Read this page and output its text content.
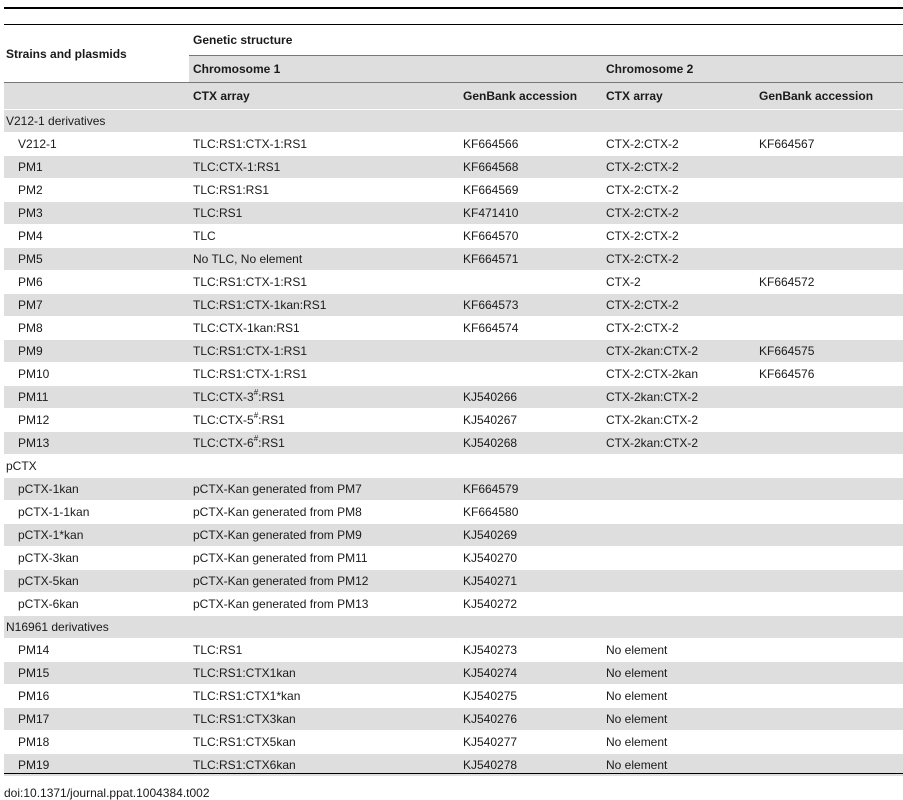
Strains and plasmids	Genetic structure			
	Chromosome 1		Chromosome 2	
	CTX array	GenBank accession	CTX array	GenBank accession
V212-1 derivatives				
V212-1	TLC:RS1:CTX-1:RS1	KF664566	CTX-2:CTX-2	KF664567
PM1	TLC:CTX-1:RS1	KF664568	CTX-2:CTX-2	
PM2	TLC:RS1:RS1	KF664569	CTX-2:CTX-2	
PM3	TLC:RS1	KF471410	CTX-2:CTX-2	
PM4	TLC	KF664570	CTX-2:CTX-2	
PM5	No TLC, No element	KF664571	CTX-2:CTX-2	
PM6	TLC:RS1:CTX-1:RS1		CTX-2	KF664572
PM7	TLC:RS1:CTX-1kan:RS1	KF664573	CTX-2:CTX-2	
PM8	TLC:CTX-1kan:RS1	KF664574	CTX-2:CTX-2	
PM9	TLC:RS1:CTX-1:RS1		CTX-2kan:CTX-2	KF664575
PM10	TLC:RS1:CTX-1:RS1		CTX-2:CTX-2kan	KF664576
PM11	TLC:CTX-3#:RS1	KJ540266	CTX-2kan:CTX-2	
PM12	TLC:CTX-5#:RS1	KJ540267	CTX-2kan:CTX-2	
PM13	TLC:CTX-6#:RS1	KJ540268	CTX-2kan:CTX-2	
pCTX				
pCTX-1kan	pCTX-Kan generated from PM7	KF664579		
pCTX-1-1kan	pCTX-Kan generated from PM8	KF664580		
pCTX-1*kan	pCTX-Kan generated from PM9	KJ540269		
pCTX-3kan	pCTX-Kan generated from PM11	KJ540270		
pCTX-5kan	pCTX-Kan generated from PM12	KJ540271		
pCTX-6kan	pCTX-Kan generated from PM13	KJ540272		
N16961 derivatives				
PM14	TLC:RS1	KJ540273	No element	
PM15	TLC:RS1:CTX1kan	KJ540274	No element	
PM16	TLC:RS1:CTX1*kan	KJ540275	No element	
PM17	TLC:RS1:CTX3kan	KJ540276	No element	
PM18	TLC:RS1:CTX5kan	KJ540277	No element	
PM19	TLC:RS1:CTX6kan	KJ540278	No element	
doi:10.1371/journal.ppat.1004384.t002
